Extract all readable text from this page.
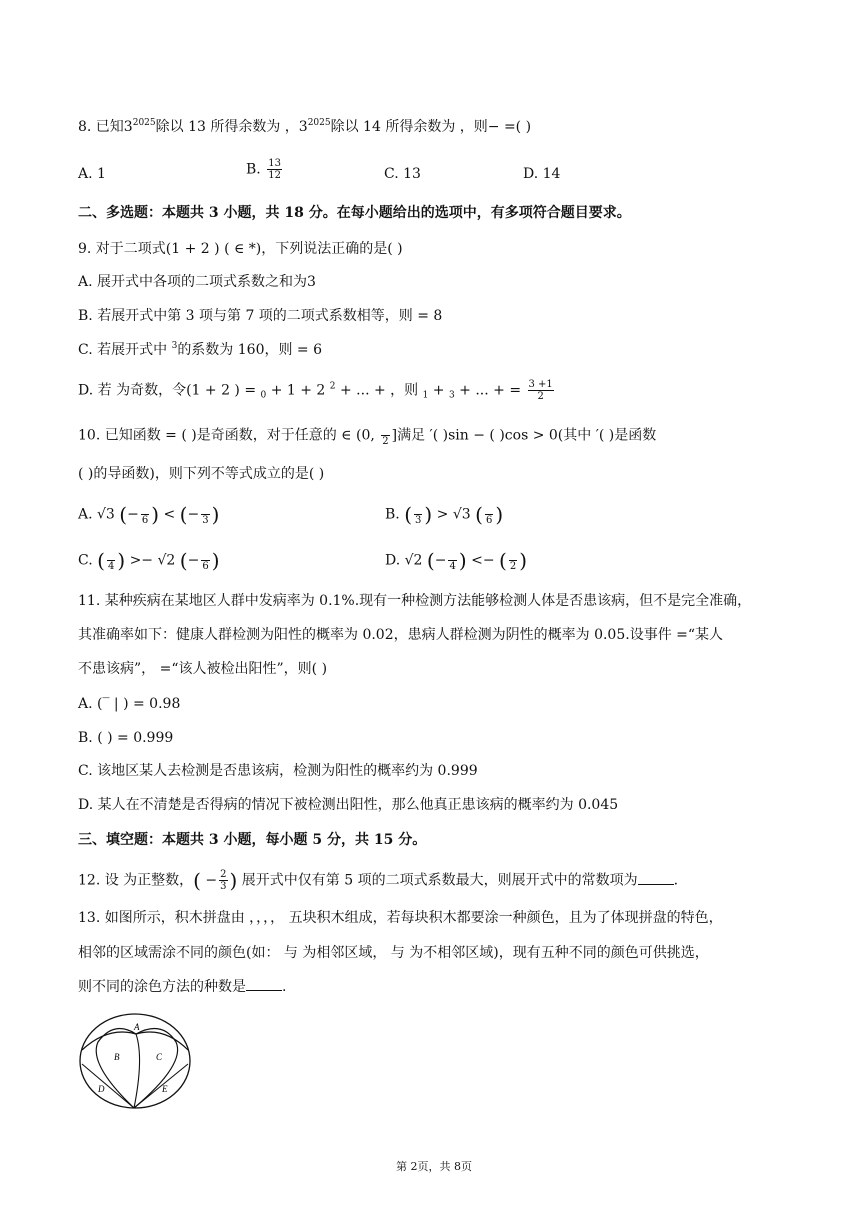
8. 已知$3^{2025}$除以 13 所得余数为 ，$3^{2025}$除以 14 所得余数为 ，则− =( )
A. 1	B. $\frac{13}{12}$	C. 13	D. 14
二、多选题：本题共 3 小题，共 18 分。在每小题给出的选项中，有多项符合题目要求。
9. 对于二项式(1 + 2 ) ( ∈ *)，下列说法正确的是( )
A. 展开式中各项的二项式系数之和为3
B. 若展开式中第 3 项与第 7 项的二项式系数相等，则 = 8
C. 若展开式中 $^3$的系数为 160，则 = 6
D. 若 为奇数，令(1 + 2 ) = $_0$ + 1 + 2 $^2$ + ... + ，则 $_1$ + $_3$ + ... + = $\frac{3 +1}{2}$
10. 已知函数 = ( )是奇函数，对于任意的 ∈ (0,
2 ]满足 ′( )sin − ( )cos > 0(其中 ′( )是函数
( )的导函数)，则下列不等式成立的是( )
A. √3 (−
6 ) < (−
3 )	B. (
3 ) > √3 (
6 )
C. (
4 ) >− √2 (−
6 )	D. √2 (−
4 ) <− (
2 )
11. 某种疾病在某地区人群中发病率为 0.1%.现有一种检测方法能够检测人体是否患该病，但不是完全准确，
其准确率如下：健康人群检测为阳性的概率为 0.02，患病人群检测为阴性的概率为 0.05.设事件 =“某人
不患该病”， =“该人被检出阳性”，则( )
A. (‾ | ) = 0.98
B. ( ) = 0.999
C. 该地区某人去检测是否患该病，检测为阳性的概率约为 0.999
D. 某人在不清楚是否得病的情况下被检测出阳性，那么他真正患该病的概率约为 0.045
三、填空题：本题共 3 小题，每小题 5 分，共 15 分。
12. 设 为正整数，( − $\frac{2}{3}$ ) 展开式中仅有第 5 项的二项式系数最大，则展开式中的常数项为	.
13. 如图所示，积木拼盘由 ，，，， 五块积木组成，若每块积木都要涂一种颜色，且为了体现拼盘的特色，
相邻的区域需涂不同的颜色(如： 与 为相邻区域， 与 为不相邻区域)，现有五种不同的颜色可供挑选，
则不同的涂色方法的种数是	.
A
B	C
D	E
第 2页，共 8页
